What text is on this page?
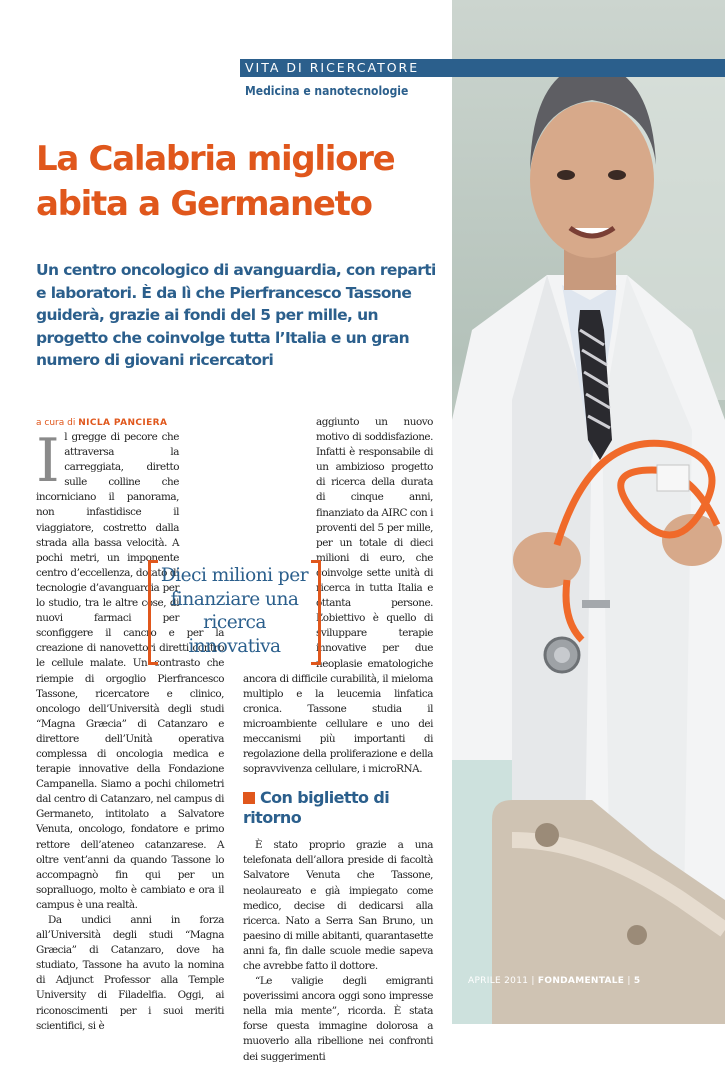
VITA DI RICERCATORE
Medicina e nanotecnologie
La Calabria migliore
abita a Germaneto
Un centro oncologico di avanguardia, con reparti e laboratori. È da lì che Pierfrancesco Tassone guiderà, grazie ai fondi del 5 per mille, un progetto che coinvolge tutta l’Italia e un gran numero di giovani ricercatori
a cura di NICLA PANCIERA
I l gregge di pecore che attraversa la carreggiata, diretto sulle colline che incorniciano il panorama, non infastidisce il viaggiatore, costretto dalla strada alla bassa velocità. A pochi metri, un imponente centro d’eccellenza, dotato di tecnologie d’avanguardia per lo studio, tra le altre cose, di nuovi farmaci per sconfiggere il cancro e per la creazione di nanovettori diretti contro le cellule malate. Un contrasto che riempie di orgoglio Pierfrancesco Tassone, ricercatore e clinico, oncologo dell’Università degli studi “Magna Græcia” di Catanzaro e direttore dell’Unità operativa complessa di oncologia medica e terapie innovative della Fondazione Campanella. Siamo a pochi chilometri dal centro di Catanzaro, nel campus di Germaneto, intitolato a Salvatore Venuta, oncologo, fondatore e primo rettore dell’ateneo catanzarese. A oltre vent’anni da quando Tassone lo accompagnò fin qui per un sopralluogo, molto è cambiato e ora il campus è una realtà.

Da undici anni in forza all’Università degli studi “Magna Græcia” di Catanzaro, dove ha studiato, Tassone ha avuto la nomina di Adjunct Professor alla Temple University di Filadelfia. Oggi, ai riconoscimenti per i suoi meriti scientifici, si è

aggiunto un nuovo motivo di soddisfazione. Infatti è responsabile di un ambizioso progetto di ricerca della durata di cinque anni, finanziato da AIRC con i proventi del 5 per mille, per un totale di dieci milioni di euro, che coinvolge sette unità di ricerca in tutta Italia e ottanta persone. L’obiettivo è quello di sviluppare terapie innovative per due neoplasie ematologiche ancora di difficile curabilità, il mieloma multiplo e la leucemia linfatica cronica. Tassone studia il microambiente cellulare e uno dei meccanismi più importanti di regolazione della proliferazione e della sopravvivenza cellulare, i microRNA.

Con biglietto di ritorno

È stato proprio grazie a una telefonata dell’allora preside di facoltà Salvatore Venuta che Tassone, neolaureato e già impiegato come medico, decise di dedicarsi alla ricerca. Nato a Serra San Bruno, un paesino di mille abitanti, quarantasette anni fa, fin dalle scuole medie sapeva che avrebbe fatto il dottore.

“Le valigie degli emigranti poverissimi ancora oggi sono impresse nella mia mente”, ricorda. È stata forse questa immagine dolorosa a muoverlo alla ribellione nei confronti dei suggerimenti

Dieci milioni per finanziare una ricerca innovativa
APRILE 2011 | FONDAMENTALE | 5
